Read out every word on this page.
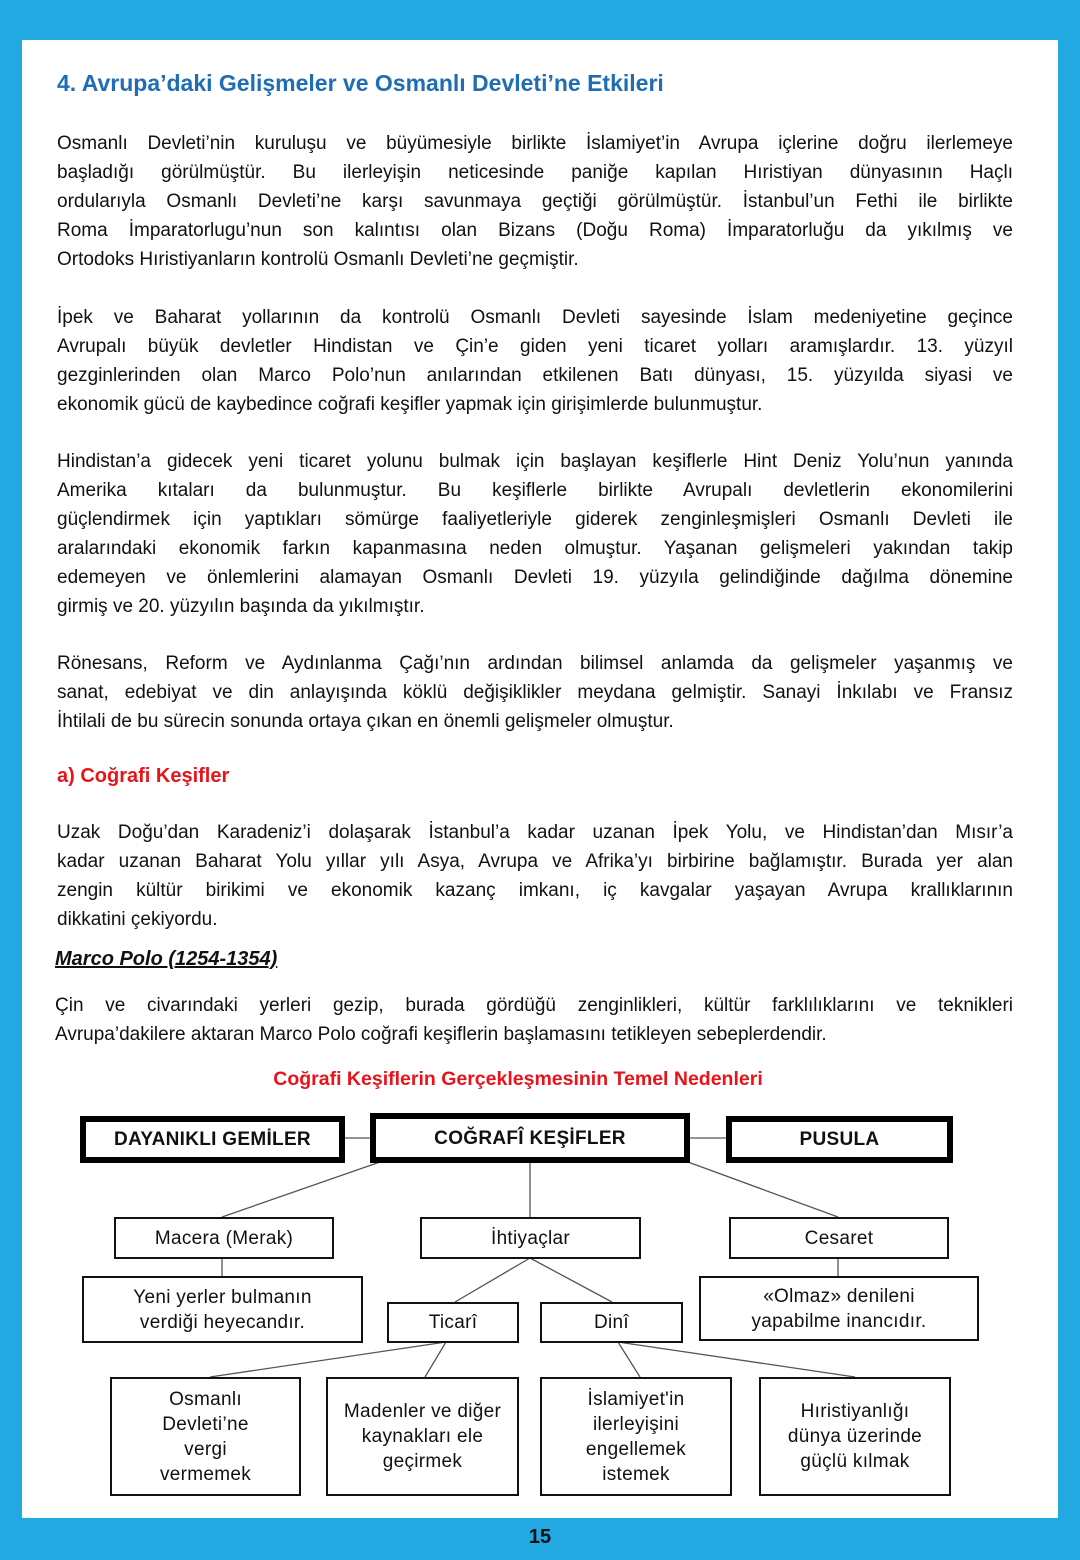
4. Avrupa’daki Gelişmeler ve Osmanlı Devleti’ne Etkileri
Osmanlı Devleti’nin kuruluşu ve büyümesiyle birlikte İslamiyet’in Avrupa içlerine doğru ilerlemeye
başladığı görülmüştür. Bu ilerleyişin neticesinde paniğe kapılan Hıristiyan dünyasının Haçlı
ordularıyla Osmanlı Devleti’ne karşı savunmaya geçtiği görülmüştür. İstanbul’un Fethi ile birlikte
Roma İmparatorlugu’nun son kalıntısı olan Bizans (Doğu Roma) İmparatorluğu da yıkılmış ve
Ortodoks Hıristiyanların kontrolü Osmanlı Devleti’ne geçmiştir.
İpek ve Baharat yollarının da kontrolü Osmanlı Devleti sayesinde İslam medeniyetine geçince
Avrupalı büyük devletler Hindistan ve Çin’e giden yeni ticaret yolları aramışlardır. 13. yüzyıl
gezginlerinden olan Marco Polo’nun anılarından etkilenen Batı dünyası, 15. yüzyılda siyasi ve
ekonomik gücü de kaybedince coğrafi keşifler yapmak için girişimlerde bulunmuştur.
Hindistan’a gidecek yeni ticaret yolunu bulmak için başlayan keşiflerle Hint Deniz Yolu’nun yanında
Amerika kıtaları da bulunmuştur. Bu keşiflerle birlikte Avrupalı devletlerin ekonomilerini
güçlendirmek için yaptıkları sömürge faaliyetleriyle giderek zenginleşmişleri Osmanlı Devleti ile
aralarındaki ekonomik farkın kapanmasına neden olmuştur. Yaşanan gelişmeleri yakından takip
edemeyen ve önlemlerini alamayan Osmanlı Devleti 19. yüzyıla gelindiğinde dağılma dönemine
girmiş ve 20. yüzyılın başında da yıkılmıştır.
Rönesans, Reform ve Aydınlanma Çağı’nın ardından bilimsel anlamda da gelişmeler yaşanmış ve
sanat, edebiyat ve din anlayışında köklü değişiklikler meydana gelmiştir. Sanayi İnkılabı ve Fransız
İhtilali de bu sürecin sonunda ortaya çıkan en önemli gelişmeler olmuştur.
a) Coğrafi Keşifler
Uzak Doğu’dan Karadeniz’i dolaşarak İstanbul’a kadar uzanan İpek Yolu, ve Hindistan’dan Mısır’a
kadar uzanan Baharat Yolu yıllar yılı Asya, Avrupa ve Afrika’yı birbirine bağlamıştır. Burada yer alan
zengin kültür birikimi ve ekonomik kazanç imkanı, iç kavgalar yaşayan Avrupa krallıklarının
dikkatini çekiyordu.
Marco Polo (1254-1354)
Çin ve civarındaki yerleri gezip, burada gördüğü zenginlikleri, kültür farklılıklarını ve teknikleri
Avrupa’dakilere aktaran Marco Polo coğrafi keşiflerin başlamasını tetikleyen sebeplerdendir.
Coğrafi Keşiflerin Gerçekleşmesinin Temel Nedenleri
DAYANIKLI GEMİLER	COĞRAFÎ KEŞİFLER	PUSULA
Macera (Merak)	İhtiyaçlar	Cesaret
Yeni yerler bulmanın verdiği heyecandır.	Ticarî	Dinî
«Olmaz» denileni yapabilme inancıdır.
Osmanlı Devleti’ne vergi vermemek
Madenler ve diğer kaynakları ele geçirmek
İslamiyet'in ilerleyişini engellemek istemek
Hıristiyanlığı dünya üzerinde güçlü kılmak
15
